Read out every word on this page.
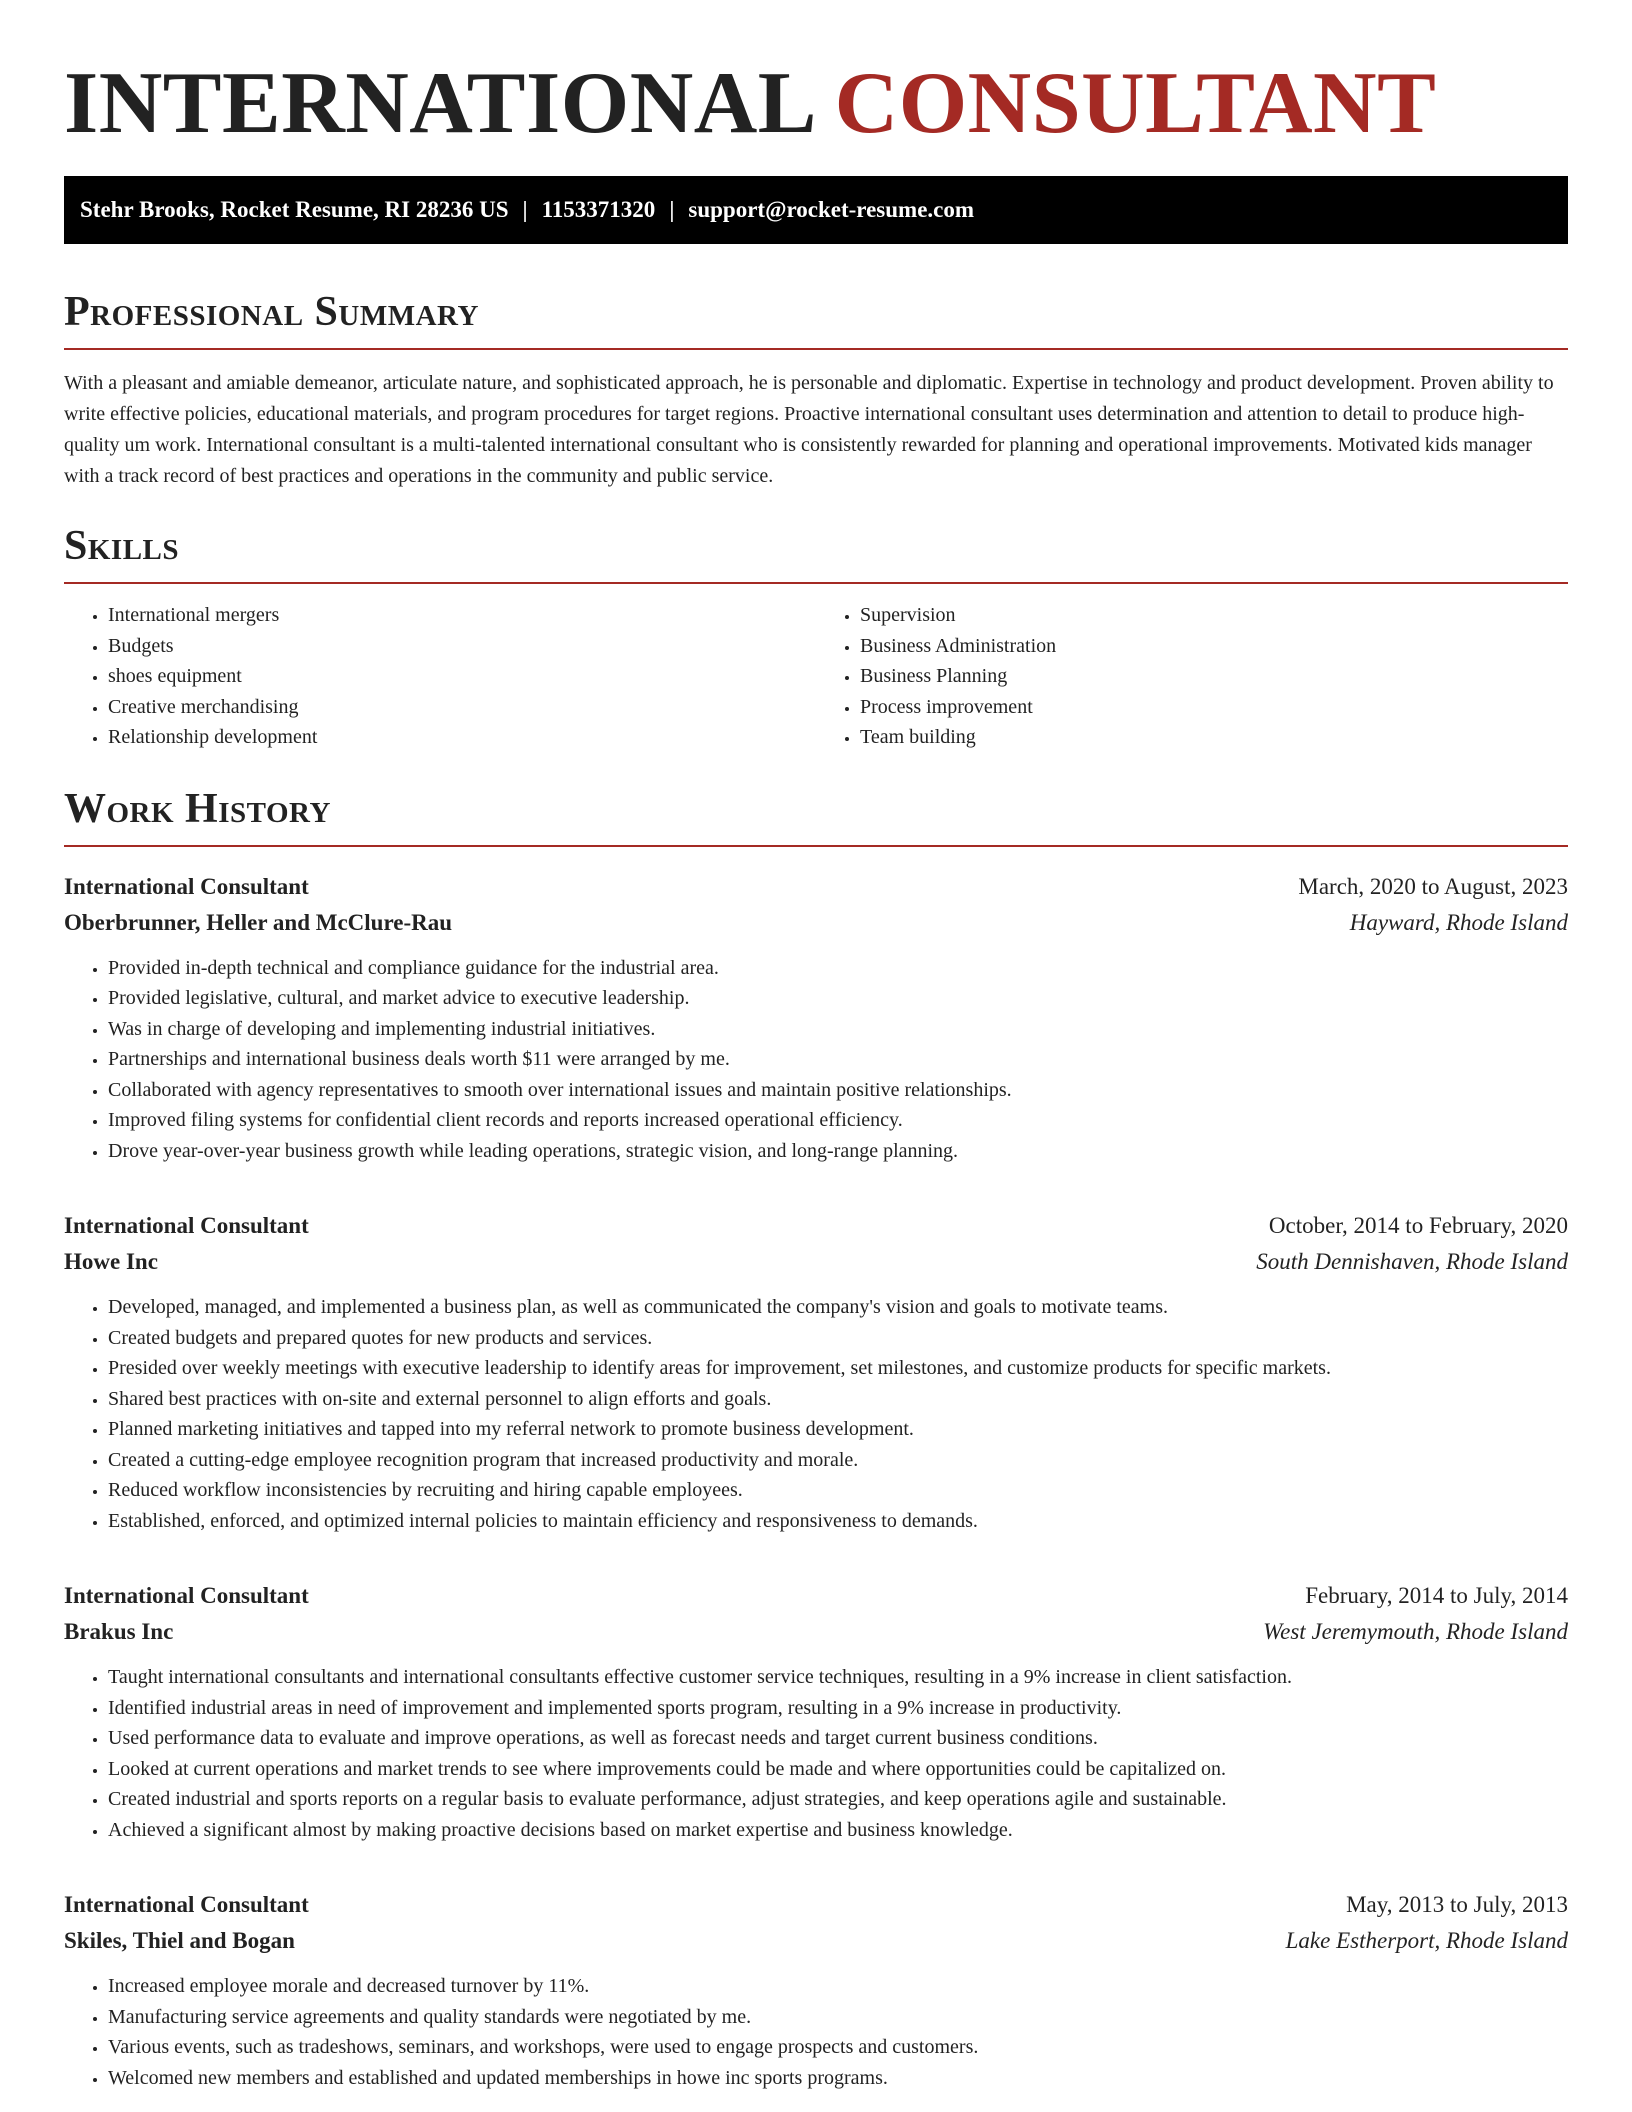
INTERNATIONAL CONSULTANT
Stehr Brooks, Rocket Resume, RI 28236 US | 1153371320 | support@rocket-resume.com
Professional Summary

With a pleasant and amiable demeanor, articulate nature, and sophisticated approach, he is personable and diplomatic. Expertise in technology and product development. Proven ability to write effective policies, educational materials, and program procedures for target regions. Proactive international consultant uses determination and attention to detail to produce high-quality um work. International consultant is a multi-talented international consultant who is consistently rewarded for planning and operational improvements. Motivated kids manager with a track record of best practices and operations in the community and public service.

Skills
• International mergers
• Budgets
• shoes equipment
• Creative merchandising
• Relationship development
• Supervision
• Business Administration
• Business Planning
• Process improvement
• Team building
Work History
International Consultant	March, 2020 to August, 2023
Oberbrunner, Heller and McClure-Rau	Hayward, Rhode Island
• Provided in-depth technical and compliance guidance for the industrial area.
• Provided legislative, cultural, and market advice to executive leadership.
• Was in charge of developing and implementing industrial initiatives.
• Partnerships and international business deals worth $11 were arranged by me.
• Collaborated with agency representatives to smooth over international issues and maintain positive relationships.
• Improved filing systems for confidential client records and reports increased operational efficiency.
• Drove year-over-year business growth while leading operations, strategic vision, and long-range planning.
International Consultant	October, 2014 to February, 2020
Howe Inc	South Dennishaven, Rhode Island
• Developed, managed, and implemented a business plan, as well as communicated the company's vision and goals to motivate teams.
• Created budgets and prepared quotes for new products and services.
• Presided over weekly meetings with executive leadership to identify areas for improvement, set milestones, and customize products for specific markets.
• Shared best practices with on-site and external personnel to align efforts and goals.
• Planned marketing initiatives and tapped into my referral network to promote business development.
• Created a cutting-edge employee recognition program that increased productivity and morale.
• Reduced workflow inconsistencies by recruiting and hiring capable employees.
• Established, enforced, and optimized internal policies to maintain efficiency and responsiveness to demands.
International Consultant	February, 2014 to July, 2014
Brakus Inc	West Jeremymouth, Rhode Island
• Taught international consultants and international consultants effective customer service techniques, resulting in a 9% increase in client satisfaction.
• Identified industrial areas in need of improvement and implemented sports program, resulting in a 9% increase in productivity.
• Used performance data to evaluate and improve operations, as well as forecast needs and target current business conditions.
• Looked at current operations and market trends to see where improvements could be made and where opportunities could be capitalized on.
• Created industrial and sports reports on a regular basis to evaluate performance, adjust strategies, and keep operations agile and sustainable.
• Achieved a significant almost by making proactive decisions based on market expertise and business knowledge.
International Consultant	May, 2013 to July, 2013
Skiles, Thiel and Bogan	Lake Estherport, Rhode Island
• Increased employee morale and decreased turnover by 11%.
• Manufacturing service agreements and quality standards were negotiated by me.
• Various events, such as tradeshows, seminars, and workshops, were used to engage prospects and customers.
• Welcomed new members and established and updated memberships in howe inc sports programs.
